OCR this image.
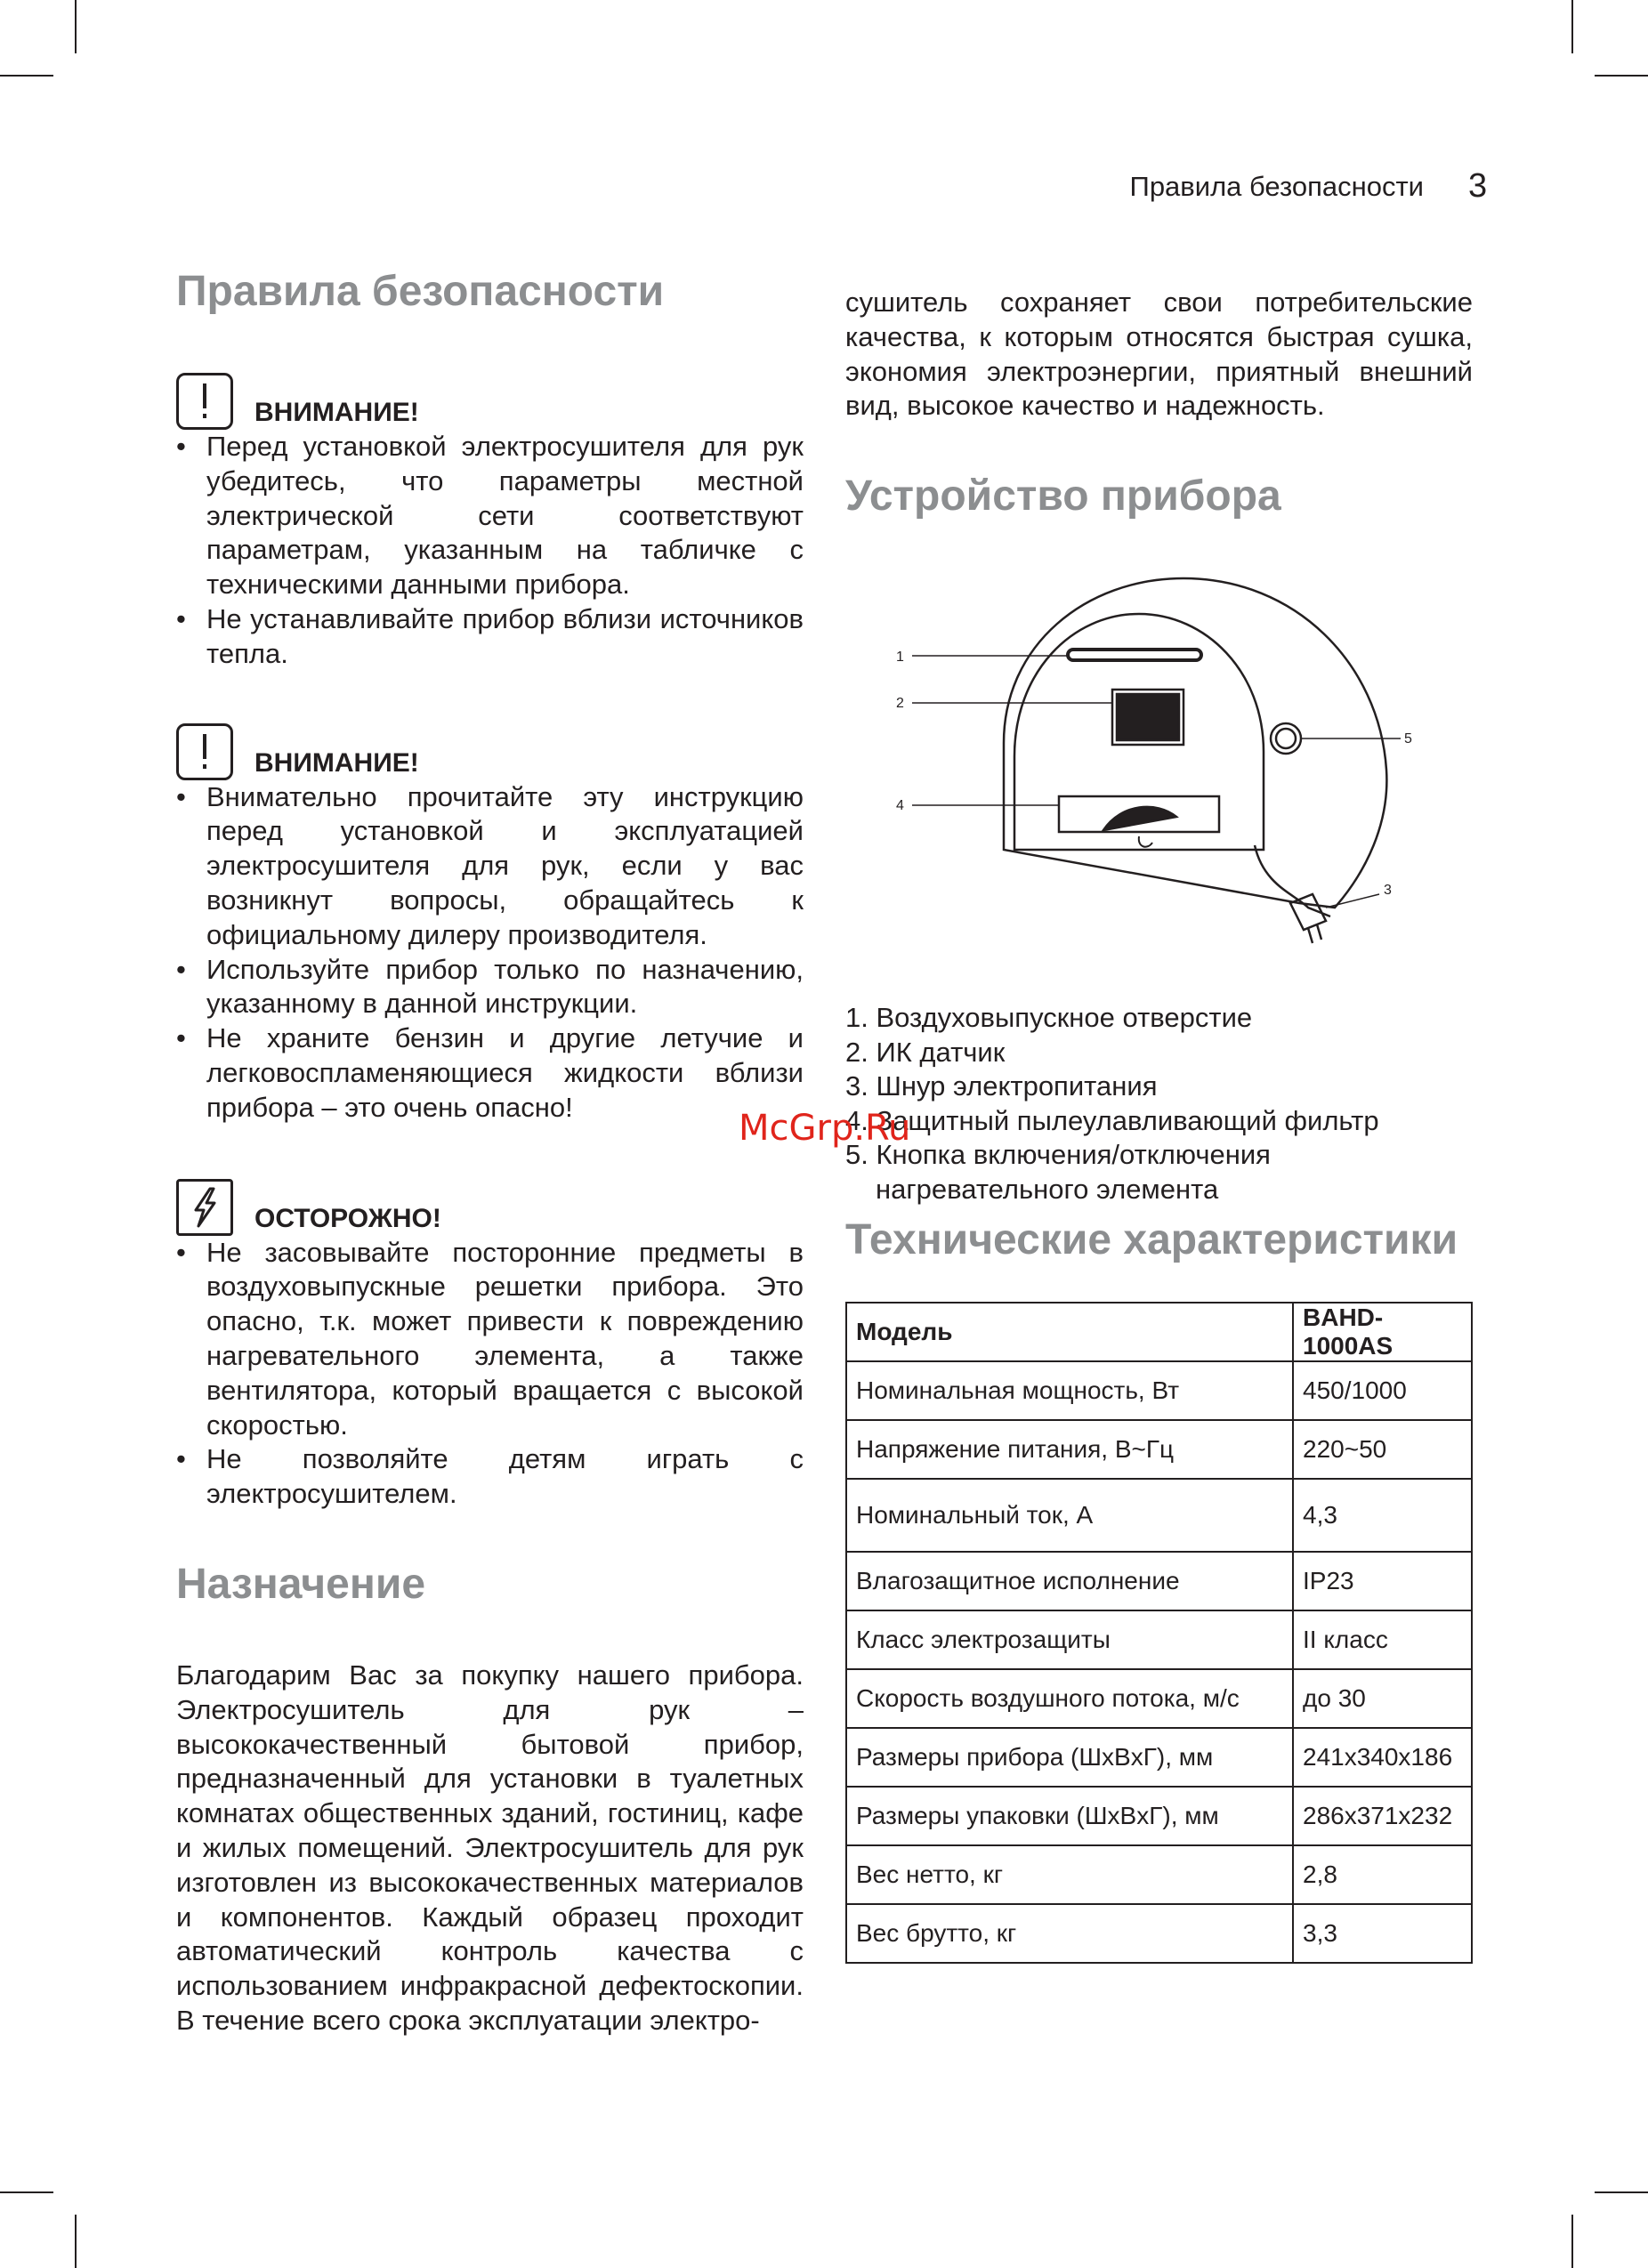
Правила безопасности 3
Правила безопасности
ВНИМАНИЕ!
• Перед установкой электросушителя для рук убедитесь, что параметры местной электрической сети соответствуют параметрам, указанным на табличке с техническими данными прибора.
• Не устанавливайте прибор вблизи источников тепла.
ВНИМАНИЕ!
• Внимательно прочитайте эту инструкцию перед установкой и эксплуатацией электросушителя для рук, если у вас возникнут вопросы, обращайтесь к официальному дилеру производителя.
• Используйте прибор только по назначению, указанному в данной инструкции.
• Не храните бензин и другие летучие и легковоспламеняющиеся жидкости вблизи прибора – это очень опасно!
ОСТОРОЖНО!
• Не засовывайте посторонние предметы в воздуховыпускные решетки прибора. Это опасно, т.к. может привести к повреждению нагревательного элемента, а также вентилятора, который вращается с высокой скоростью.
• Не позволяйте детям играть с электросушителем.
Назначение

Благодарим Вас за покупку нашего прибора. Электросушитель для рук – высококачественный бытовой прибор, предназначенный для установки в туалетных комнатах общественных зданий, гостиниц, кафе и жилых помещений. Электросушитель для рук изготовлен из высококачественных материалов и компонентов. Каждый образец проходит автоматический контроль качества с использованием инфракрасной дефектоскопии. В течение всего срока эксплуатации электро-

сушитель сохраняет свои потребительские качества, к которым относятся быстрая сушка, экономия электроэнергии, приятный внешний вид, высокое качество и надежность.

Устройство прибора
1
2
3
4
5
1. Воздуховыпускное отверстие
2. ИК датчик
3. Шнур электропитания
4. Защитный пылеулавливающий фильтр
5. Кнопка включения/отключения нагревательного элемента
Технические характеристики
Модель	BAHD-1000AS
Номинальная мощность, Вт	450/1000
Напряжение питания, В~Гц	220~50
Номинальный ток, А	4,3
Влагозащитное исполнение	IP23
Класс электрозащиты	II класс
Скорость воздушного потока, м/с	до 30
Размеры прибора (ШxВxГ), мм	241x340x186
Размеры упаковки (ШxВxГ), мм	286x371x232
Вес нетто, кг	2,8
Вес брутто, кг	3,3
McGrp.Ru
